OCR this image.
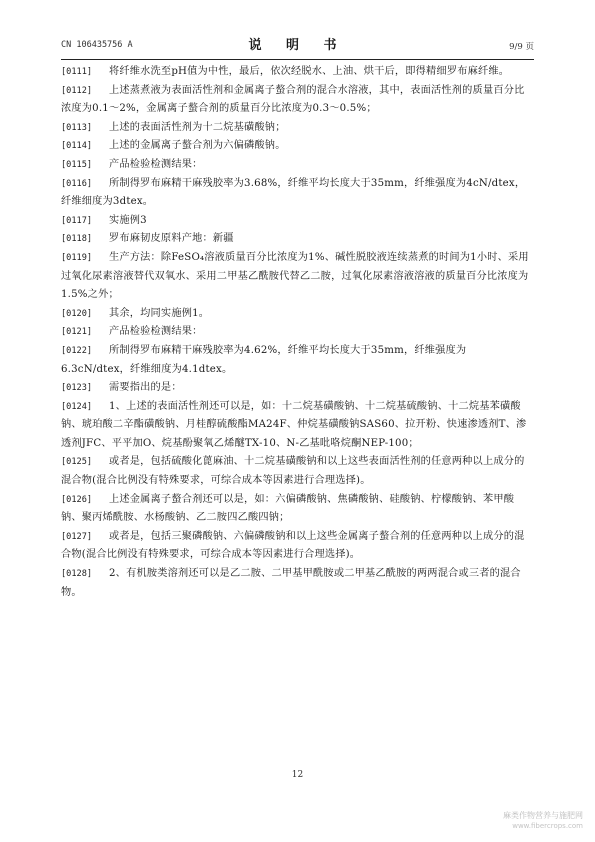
CN 106435756 A	说 明 书	9/9 页

[0111] 将纤维水洗至pH值为中性，最后，依次经脱水、上油、烘干后，即得精细罗布麻纤维。

[0112] 上述蒸煮液为表面活性剂和金属离子螯合剂的混合水溶液，其中，表面活性剂的质量百分比浓度为0.1～2%，金属离子螯合剂的质量百分比浓度为0.3～0.5%；

[0113] 上述的表面活性剂为十二烷基磺酸钠；

[0114] 上述的金属离子螯合剂为六偏磷酸钠。

[0115] 产品检验检测结果：

[0116] 所制得罗布麻精干麻残胶率为3.68%，纤维平均长度大于35mm，纤维强度为4cN/dtex，纤维细度为3dtex。

[0117] 实施例3

[0118] 罗布麻韧皮原料产地：新疆

[0119] 生产方法：除FeSO₄溶液质量百分比浓度为1%、碱性脱胶液连续蒸煮的时间为1小时、采用过氧化尿素溶液替代双氧水、采用二甲基乙酰胺代替乙二胺，过氧化尿素溶液溶液的质量百分比浓度为1.5%之外；

[0120] 其余，均同实施例1。

[0121] 产品检验检测结果：

[0122] 所制得罗布麻精干麻残胶率为4.62%，纤维平均长度大于35mm，纤维强度为6.3cN/dtex，纤维细度为4.1dtex。

[0123] 需要指出的是：

[0124] 1、上述的表面活性剂还可以是，如：十二烷基磺酸钠、十二烷基硫酸钠、十二烷基苯磺酸钠、琥珀酸二辛酯磺酸钠、月桂醇硫酸酯MA24F、仲烷基磺酸钠SAS60、拉开粉、快速渗透剂T、渗透剂JFC、平平加O、烷基酚聚氧乙烯醚TX-10、N-乙基吡咯烷酮NEP-100；

[0125] 或者是，包括硫酸化蓖麻油、十二烷基磺酸钠和以上这些表面活性剂的任意两种以上成分的混合物(混合比例没有特殊要求，可综合成本等因素进行合理选择)。

[0126] 上述金属离子螯合剂还可以是，如：六偏磷酸钠、焦磷酸钠、硅酸钠、柠檬酸钠、苯甲酸钠、聚丙烯酰胺、水杨酸钠、乙二胺四乙酸四钠；

[0127] 或者是，包括三聚磷酸钠、六偏磷酸钠和以上这些金属离子螯合剂的任意两种以上成分的混合物(混合比例没有特殊要求，可综合成本等因素进行合理选择)。

[0128] 2、有机胺类溶剂还可以是乙二胺、二甲基甲酰胺或二甲基乙酰胺的两两混合或三者的混合物。

12
麻类作物营养与施肥网
www.fibercrops.com
